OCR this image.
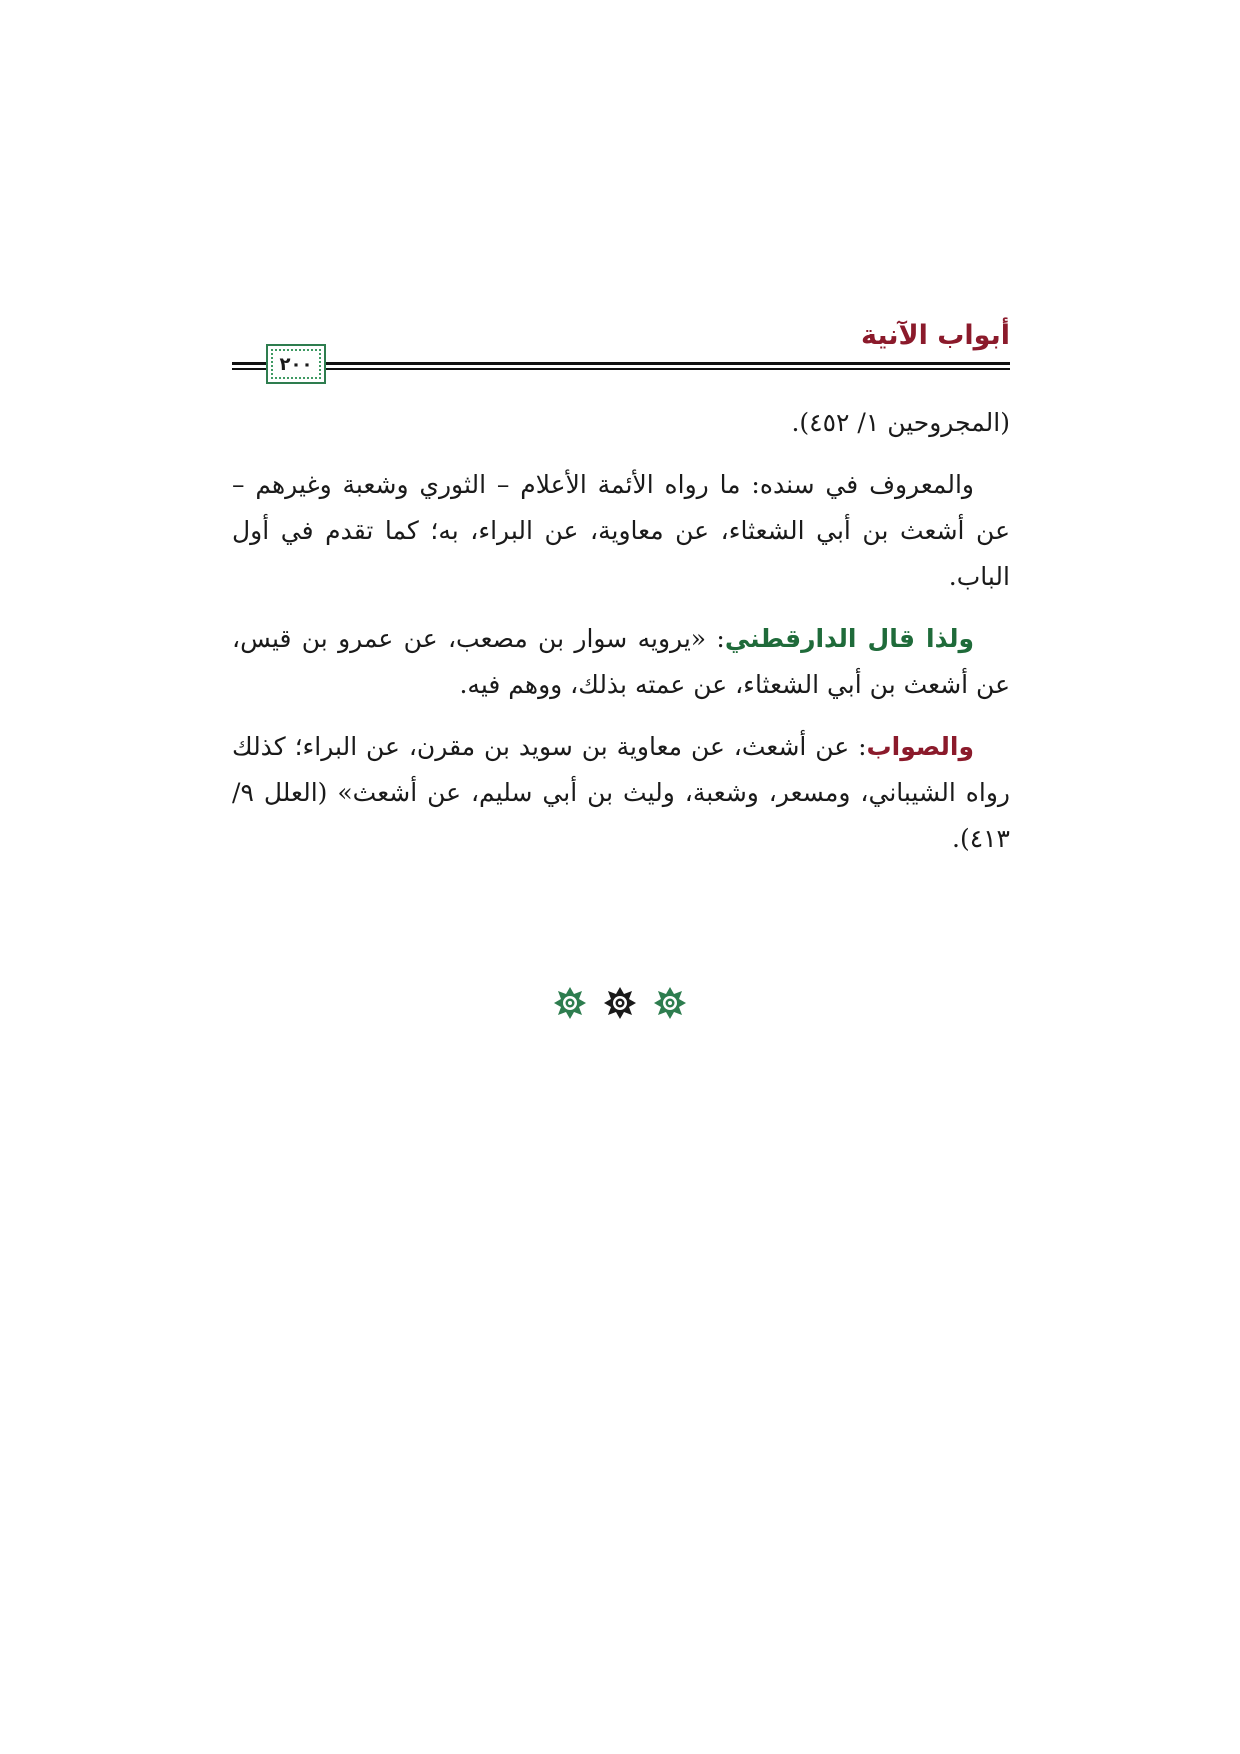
أبواب الآنية
٢٠٠

(المجروحين ١/ ٤٥٢).

والمعروف في سنده: ما رواه الأئمة الأعلام – الثوري وشعبة وغيرهم – عن أشعث بن أبي الشعثاء، عن معاوية، عن البراء، به؛ كما تقدم في أول الباب.

ولذا قال الدارقطني: «يرويه سوار بن مصعب، عن عمرو بن قيس، عن أشعث بن أبي الشعثاء، عن عمته بذلك، ووهم فيه.

والصواب: عن أشعث، عن معاوية بن سويد بن مقرن، عن البراء؛ كذلك رواه الشيباني، ومسعر، وشعبة، وليث بن أبي سليم، عن أشعث» (العلل ٩/ ٤١٣).
